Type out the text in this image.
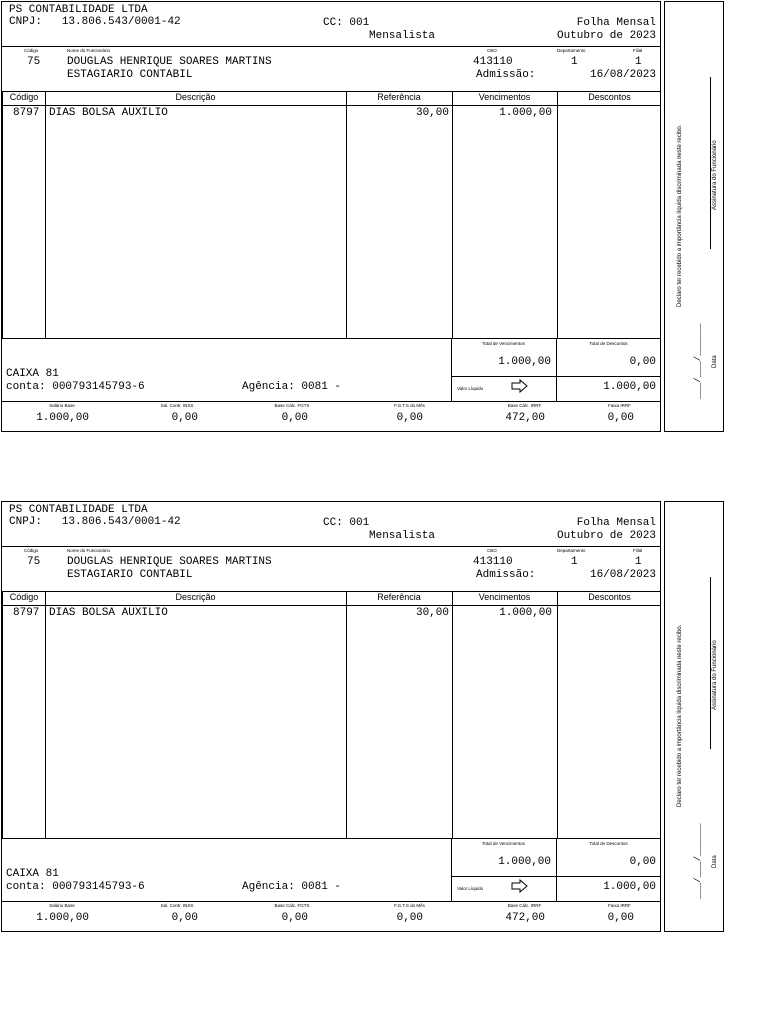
PS CONTABILIDADE LTDA
CNPJ: 13.806.543/0001-42	CC: 001
Mensalista
Folha Mensal
Outubro de 2023
Código	Nome do Funcionário	CBO	Departamento	Filial
75 DOUGLAS HENRIQUE SOARES MARTINS
ESTAGIARIO CONTABIL
413110	1	1
Admissão:	16/08/2023
Código	Descrição	Referência	Vencimentos	Descontos
8797 DIAS BOLSA AUXILIO	30,00	1.000,00
Total de Vencimentos	Total de Descontos
1.000,00	0,00
Valor Líquido	1.000,00
CAIXA 81
conta: 000793145793-6	Agência: 0081 -
Salário Base	Sal. Contr. INSS	Base Cálc. FGTS	F.G.T.S do Mês	Base Cálc. IRRF	Faixa IRRF
1.000,00	0,00	0,00	0,00	472,00	0,00
Declaro ter recebido a importância líquida discriminada neste recibo.	Assinatura do Funcionário
___/___/______ Data
PS CONTABILIDADE LTDA
CNPJ: 13.806.543/0001-42	CC: 001
Mensalista
Folha Mensal
Outubro de 2023
Código	Nome do Funcionário	CBO	Departamento	Filial
75 DOUGLAS HENRIQUE SOARES MARTINS
ESTAGIARIO CONTABIL
413110	1	1
Admissão:	16/08/2023
Código	Descrição	Referência	Vencimentos	Descontos
8797 DIAS BOLSA AUXILIO	30,00	1.000,00
Total de Vencimentos	Total de Descontos
1.000,00	0,00
Valor Líquido	1.000,00
CAIXA 81
conta: 000793145793-6	Agência: 0081 -
Salário Base	Sal. Contr. INSS	Base Cálc. FGTS	F.G.T.S do Mês	Base Cálc. IRRF	Faixa IRRF
1.000,00	0,00	0,00	0,00	472,00	0,00
Declaro ter recebido a importância líquida discriminada neste recibo.	Assinatura do Funcionário
___/___/______ Data
